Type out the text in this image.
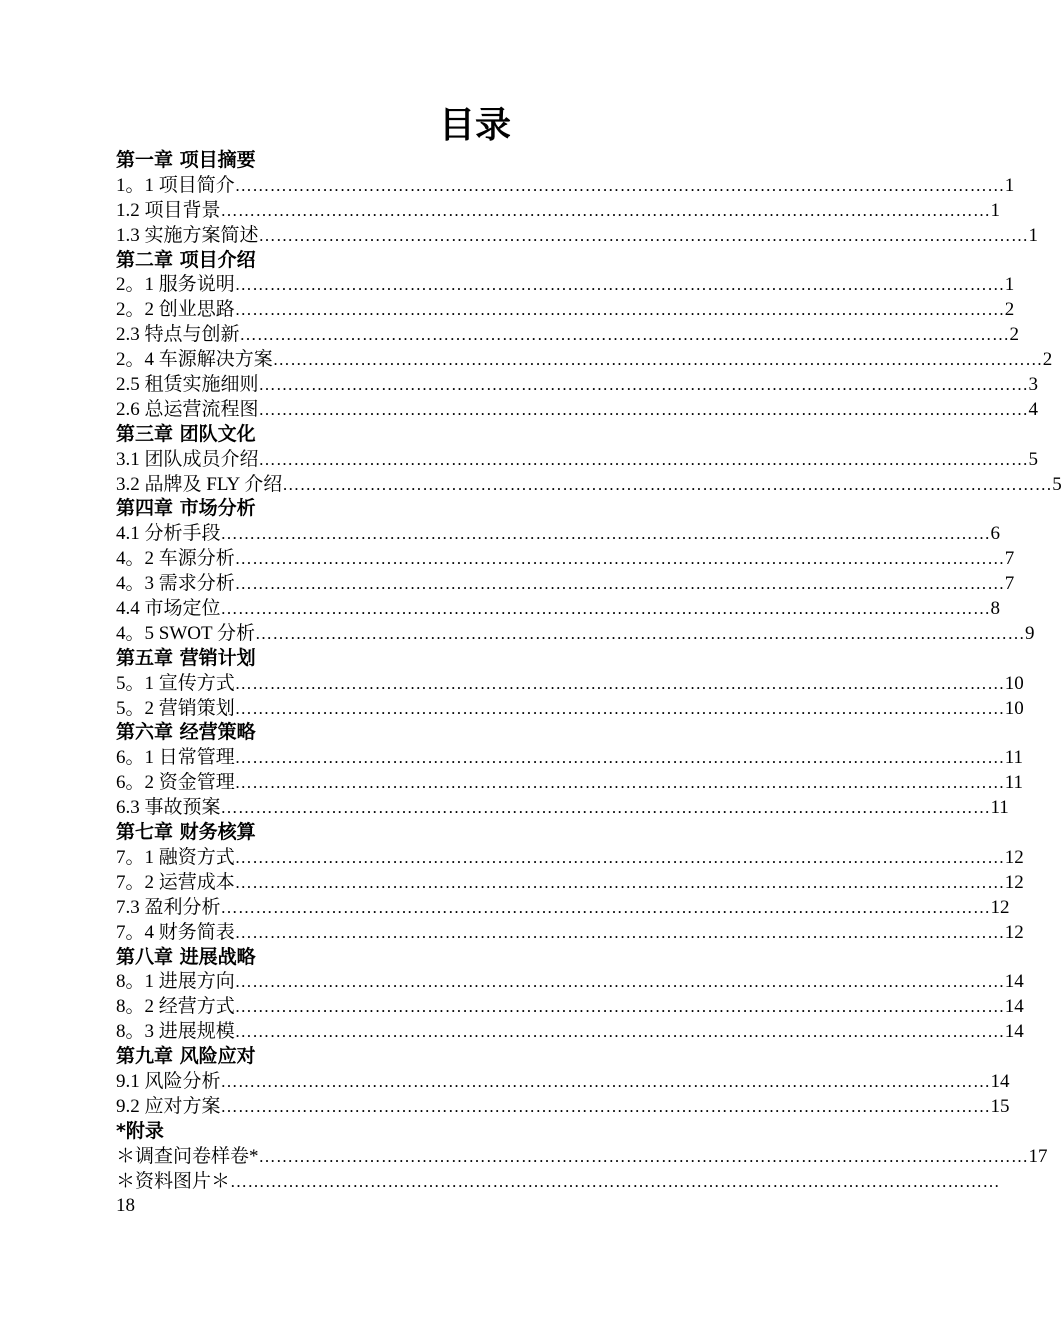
目录
第一章 项目摘要
1。1 项目简介 …………………………………………………………………………………………………………………… 1
1.2 项目背景 …………………………………………………………………………………………………………………… 1
1.3 实施方案简述 …………………………………………………………………………………………………………………… 1
第二章 项目介绍
2。1 服务说明 …………………………………………………………………………………………………………………… 1
2。2 创业思路 …………………………………………………………………………………………………………………… 2
2.3 特点与创新 …………………………………………………………………………………………………………………… 2
2。4 车源解决方案 …………………………………………………………………………………………………………………… 2
2.5 租赁实施细则 …………………………………………………………………………………………………………………… 3
2.6 总运营流程图 …………………………………………………………………………………………………………………… 4
第三章 团队文化
3.1 团队成员介绍 …………………………………………………………………………………………………………………… 5
3.2 品牌及 FLY 介绍 …………………………………………………………………………………………………………………… 5
第四章 市场分析
4.1 分析手段 …………………………………………………………………………………………………………………… 6
4。2 车源分析 …………………………………………………………………………………………………………………… 7
4。3 需求分析 …………………………………………………………………………………………………………………… 7
4.4 市场定位 …………………………………………………………………………………………………………………… 8
4。5 SWOT 分析 …………………………………………………………………………………………………………………… 9
第五章 营销计划
5。1 宣传方式 …………………………………………………………………………………………………………………… 10
5。2 营销策划 …………………………………………………………………………………………………………………… 10
第六章 经营策略
6。1 日常管理 …………………………………………………………………………………………………………………… 11
6。2 资金管理 …………………………………………………………………………………………………………………… 11
6.3 事故预案 …………………………………………………………………………………………………………………… 11
第七章 财务核算
7。1 融资方式 …………………………………………………………………………………………………………………… 12
7。2 运营成本 …………………………………………………………………………………………………………………… 12
7.3 盈利分析 …………………………………………………………………………………………………………………… 12
7。4 财务简表 …………………………………………………………………………………………………………………… 12
第八章 进展战略
8。1 进展方向 …………………………………………………………………………………………………………………… 14
8。2 经营方式 …………………………………………………………………………………………………………………… 14
8。3 进展规模 …………………………………………………………………………………………………………………… 14
第九章 风险应对
9.1 风险分析 …………………………………………………………………………………………………………………… 14
9.2 应对方案 …………………………………………………………………………………………………………………… 15
*附录
＊调查问卷样卷* …………………………………………………………………………………………………………………… 17
＊资料图片＊ ……………………………………………………………………………………………………………………
18
